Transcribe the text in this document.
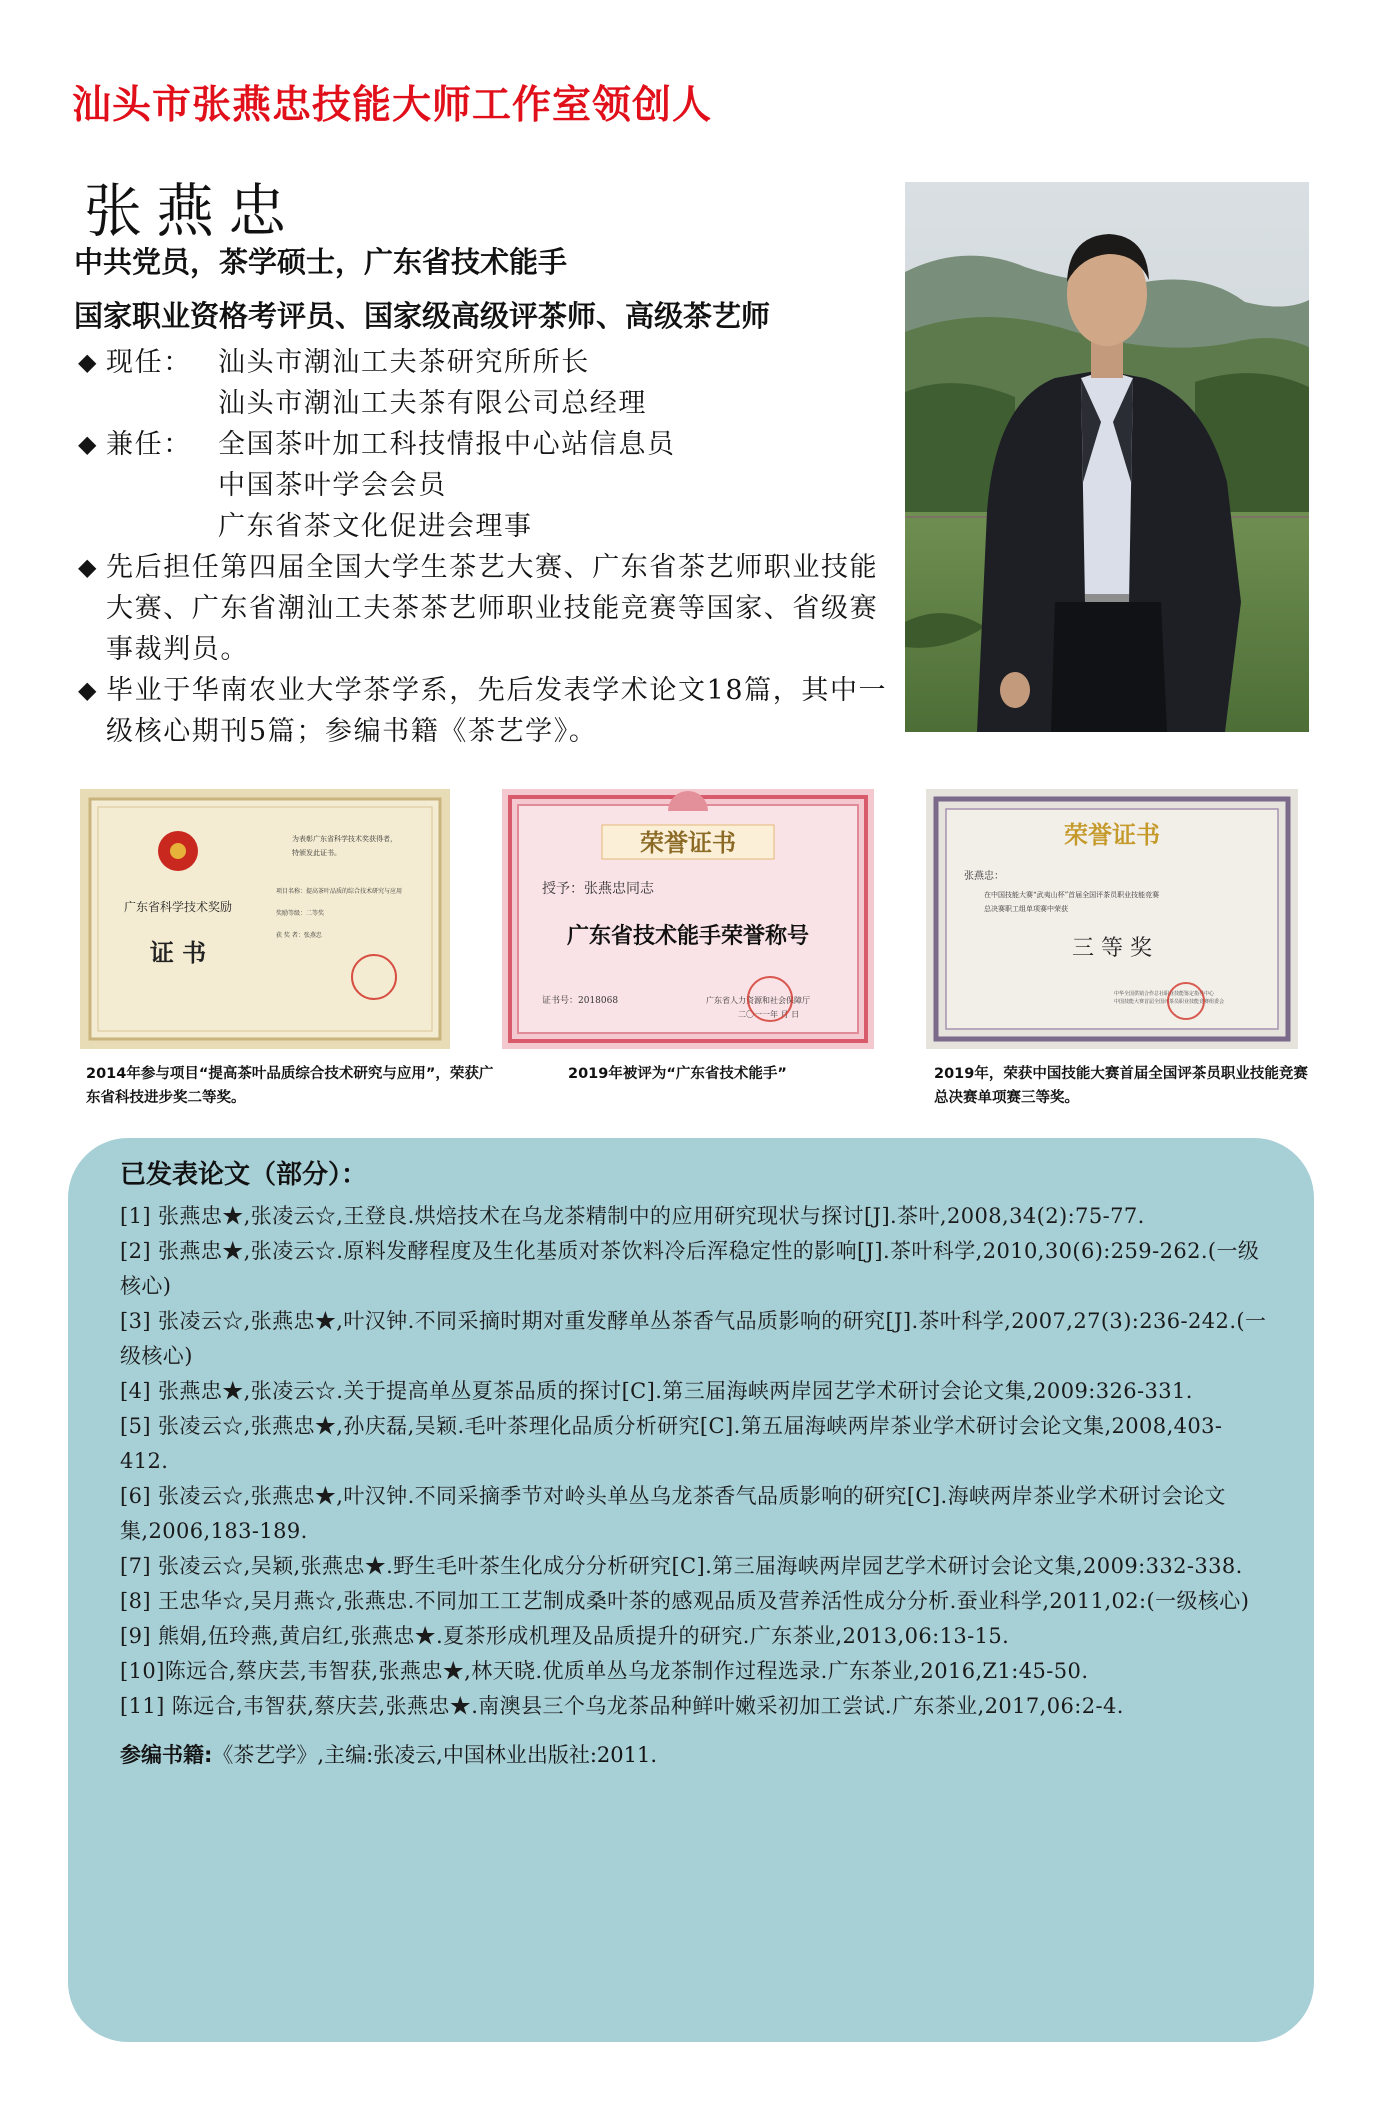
汕头市张燕忠技能大师工作室领创人
张燕忠

中共党员，茶学硕士，广东省技术能手

国家职业资格考评员、国家级高级评茶师、高级茶艺师

◆ 现任： 汕头市潮汕工夫茶研究所所长
汕头市潮汕工夫茶有限公司总经理
◆ 兼任： 全国茶叶加工科技情报中心站信息员
中国茶叶学会会员
广东省茶文化促进会理事
◆ 先后担任第四届全国大学生茶艺大赛、广东省茶艺师职业技能大赛、广东省潮汕工夫茶茶艺师职业技能竞赛等国家、省级赛事裁判员。
◆ 毕业于华南农业大学茶学系，先后发表学术论文18篇，其中一级核心期刊5篇；参编书籍《茶艺学》。
广东省科学技术奖励
证 书
为表彰广东省科学技术奖获得者，
特颁发此证书。
项目名称：提高茶叶品质的综合技术研究与应用
奖励等级：二等奖
获 奖 者：张燕忠
2014年参与项目“提高茶叶品质综合技术研究与应用”，荣获广东省科技进步奖二等奖。
荣誉证书
授予：张燕忠同志
广东省技术能手荣誉称号
证书号：2018068	广东省人力资源和社会保障厅
二〇一一年 月 日
2019年被评为“广东省技术能手”
荣誉证书
张燕忠：
在中国技能大赛“武夷山杯”首届全国评茶员职业技能竞赛
总决赛职工组单项赛中荣获
三 等 奖
中华全国供销合作总社职业技能鉴定指导中心
中国技能大赛首届全国评茶员职业技能竞赛组委会
2019年，荣获中国技能大赛首届全国评茶员职业技能竞赛总决赛单项赛三等奖。
已发表论文（部分）：
[1] 张燕忠★,张凌云☆,王登良.烘焙技术在乌龙茶精制中的应用研究现状与探讨[J].茶叶,2008,34(2):75-77.
[2] 张燕忠★,张凌云☆.原料发酵程度及生化基质对茶饮料冷后浑稳定性的影响[J].茶叶科学,2010,30(6):259-262.(一级核心)
[3] 张凌云☆,张燕忠★,叶汉钟.不同采摘时期对重发酵单丛茶香气品质影响的研究[J].茶叶科学,2007,27(3):236-242.(一级核心)
[4] 张燕忠★,张凌云☆.关于提高单丛夏茶品质的探讨[C].第三届海峡两岸园艺学术研讨会论文集,2009:326-331.
[5] 张凌云☆,张燕忠★,孙庆磊,吴颖.毛叶茶理化品质分析研究[C].第五届海峡两岸茶业学术研讨会论文集,2008,403-412.
[6] 张凌云☆,张燕忠★,叶汉钟.不同采摘季节对岭头单丛乌龙茶香气品质影响的研究[C].海峡两岸茶业学术研讨会论文集,2006,183-189.
[7] 张凌云☆,吴颖,张燕忠★.野生毛叶茶生化成分分析研究[C].第三届海峡两岸园艺学术研讨会论文集,2009:332-338.
[8] 王忠华☆,吴月燕☆,张燕忠.不同加工工艺制成桑叶茶的感观品质及营养活性成分分析.蚕业科学,2011,02:(一级核心)
[9] 熊娟,伍玲燕,黄启红,张燕忠★.夏茶形成机理及品质提升的研究.广东茶业,2013,06:13-15.
[10]陈远合,蔡庆芸,韦智获,张燕忠★,林天晓.优质单丛乌龙茶制作过程选录.广东茶业,2016,Z1:45-50.
[11] 陈远合,韦智获,蔡庆芸,张燕忠★.南澳县三个乌龙茶品种鲜叶嫩采初加工尝试.广东茶业,2017,06:2-4.
参编书籍:《茶艺学》,主编:张凌云,中国林业出版社:2011.
